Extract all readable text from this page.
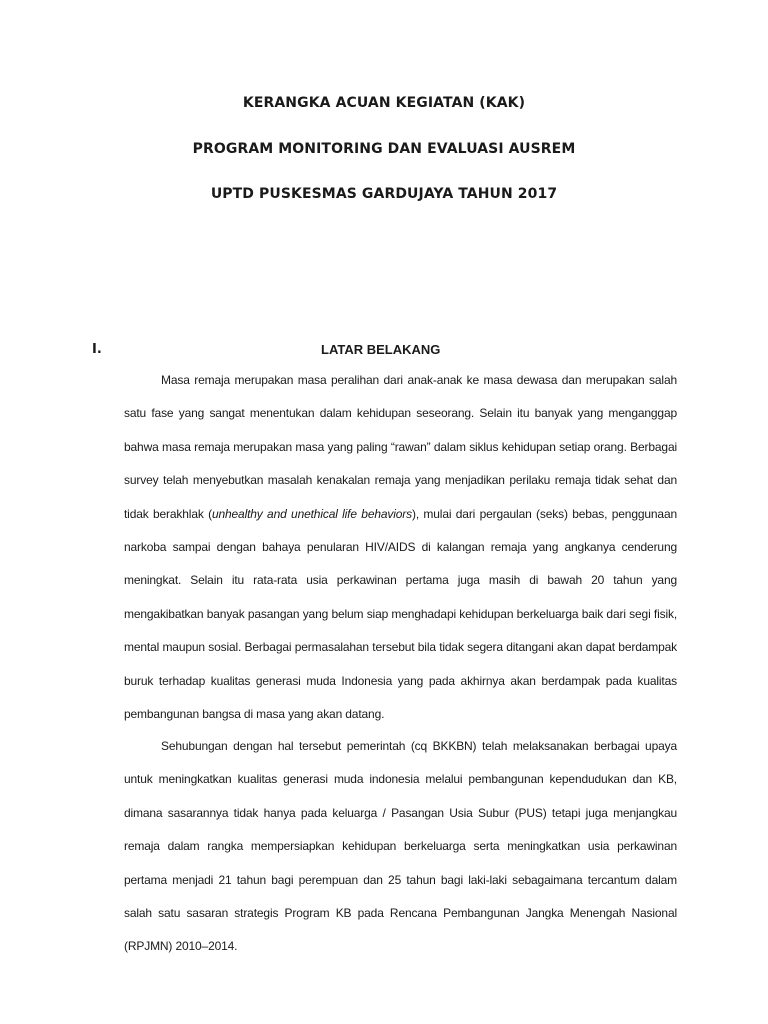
KERANGKA ACUAN KEGIATAN (KAK)
PROGRAM MONITORING DAN EVALUASI AUSREM
UPTD PUSKESMAS GARDUJAYA TAHUN 2017
I.	LATAR BELAKANG

Masa remaja merupakan masa peralihan dari anak-anak ke masa dewasa dan merupakan salah satu fase yang sangat menentukan dalam kehidupan seseorang. Selain itu banyak yang menganggap bahwa masa remaja merupakan masa yang paling “rawan” dalam siklus kehidupan setiap orang. Berbagai survey telah menyebutkan masalah kenakalan remaja yang menjadikan perilaku remaja tidak sehat dan tidak berakhlak (unhealthy and unethical life behaviors), mulai dari pergaulan (seks) bebas, penggunaan narkoba sampai dengan bahaya penularan HIV/AIDS di kalangan remaja yang angkanya cenderung meningkat. Selain itu rata-rata usia perkawinan pertama juga masih di bawah 20 tahun yang mengakibatkan banyak pasangan yang belum siap menghadapi kehidupan berkeluarga baik dari segi fisik, mental maupun sosial. Berbagai permasalahan tersebut bila tidak segera ditangani akan dapat berdampak buruk terhadap kualitas generasi muda Indonesia yang pada akhirnya akan berdampak pada kualitas pembangunan bangsa di masa yang akan datang.

Sehubungan dengan hal tersebut pemerintah (cq BKKBN) telah melaksanakan berbagai upaya untuk meningkatkan kualitas generasi muda indonesia melalui pembangunan kependudukan dan KB, dimana sasarannya tidak hanya pada keluarga / Pasangan Usia Subur (PUS) tetapi juga menjangkau remaja dalam rangka mempersiapkan kehidupan berkeluarga serta meningkatkan usia perkawinan pertama menjadi 21 tahun bagi perempuan dan 25 tahun bagi laki-laki sebagaimana tercantum dalam salah satu sasaran strategis Program KB pada Rencana Pembangunan Jangka Menengah Nasional (RPJMN) 2010–2014.
